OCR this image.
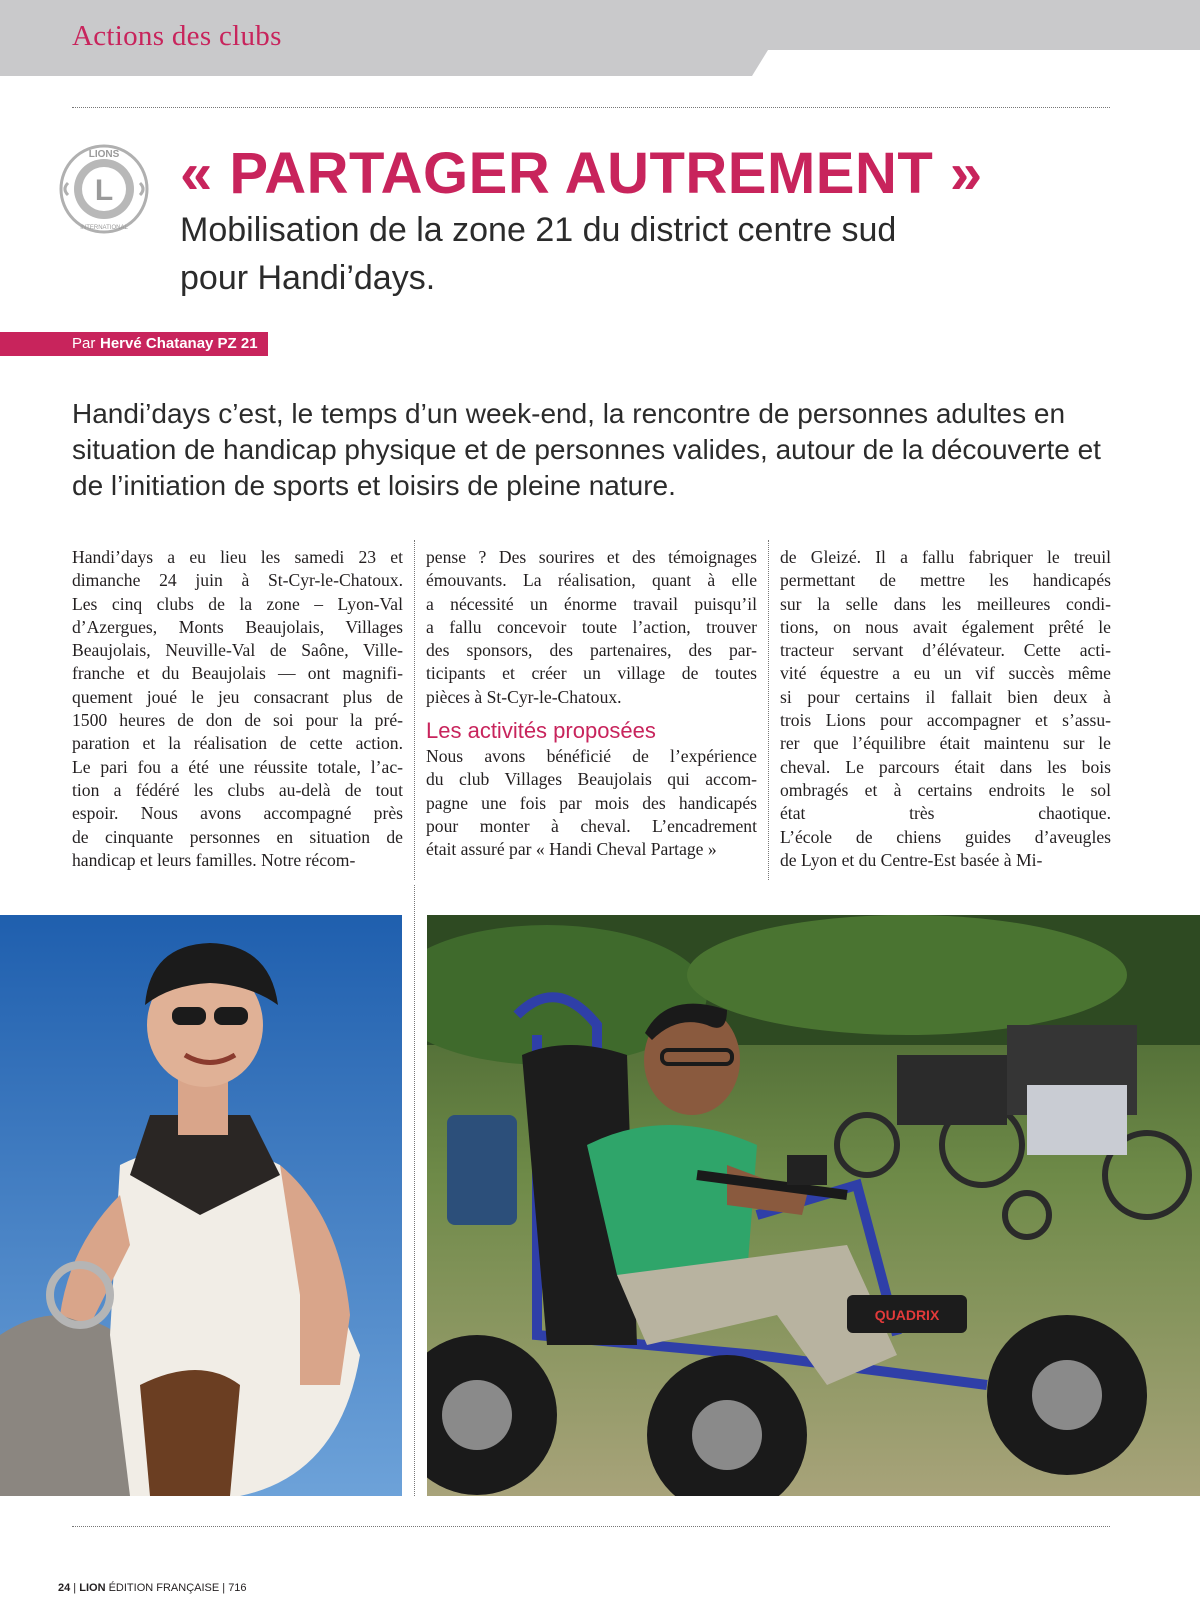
Actions des clubs
L
LIONS
INTERNATIONAL
« PARTAGER AUTREMENT »
Mobilisation de la zone 21 du district centre sud pour Handi’days.
Par Hervé Chatanay PZ 21
Handi’days c’est, le temps d’un week-end, la rencontre de personnes adultes en situation de handicap physique et de personnes valides, autour de la découverte et de l’initiation de sports et loisirs de pleine nature.
Handi’days a eu lieu les samedi 23 et
dimanche 24 juin à St-Cyr-le-Chatoux.
Les cinq clubs de la zone – Lyon-Val
d’Azergues, Monts Beaujolais, Villages
Beaujolais, Neuville-Val de Saône, Ville-
franche et du Beaujolais — ont magnifi-
quement joué le jeu consacrant plus de
1500 heures de don de soi pour la pré-
paration et la réalisation de cette action.
Le pari fou a été une réussite totale, l’ac-
tion a fédéré les clubs au-delà de tout
espoir. Nous avons accompagné près
de cinquante personnes en situation de
handicap et leurs familles. Notre récom-
pense ? Des sourires et des témoignages
émouvants. La réalisation, quant à elle
a nécessité un énorme travail puisqu’il
a fallu concevoir toute l’action, trouver
des sponsors, des partenaires, des par-
ticipants et créer un village de toutes
pièces à St-Cyr-le-Chatoux.
Les activités proposées
Nous avons bénéficié de l’expérience
du club Villages Beaujolais qui accom-
pagne une fois par mois des handicapés
pour monter à cheval. L’encadrement
était assuré par « Handi Cheval Partage »
de Gleizé. Il a fallu fabriquer le treuil
permettant de mettre les handicapés
sur la selle dans les meilleures condi-
tions, on nous avait également prêté le
tracteur servant d’élévateur. Cette acti-
vité équestre a eu un vif succès même
si pour certains il fallait bien deux à
trois Lions pour accompagner et s’assu-
rer que l’équilibre était maintenu sur le
cheval. Le parcours était dans les bois
ombragés et à certains endroits le sol
état très chaotique.
L’école de chiens guides d’aveugles
de Lyon et du Centre-Est basée à Mi-
QUADRIX
24 | LION ÉDITION FRANÇAISE | 716
